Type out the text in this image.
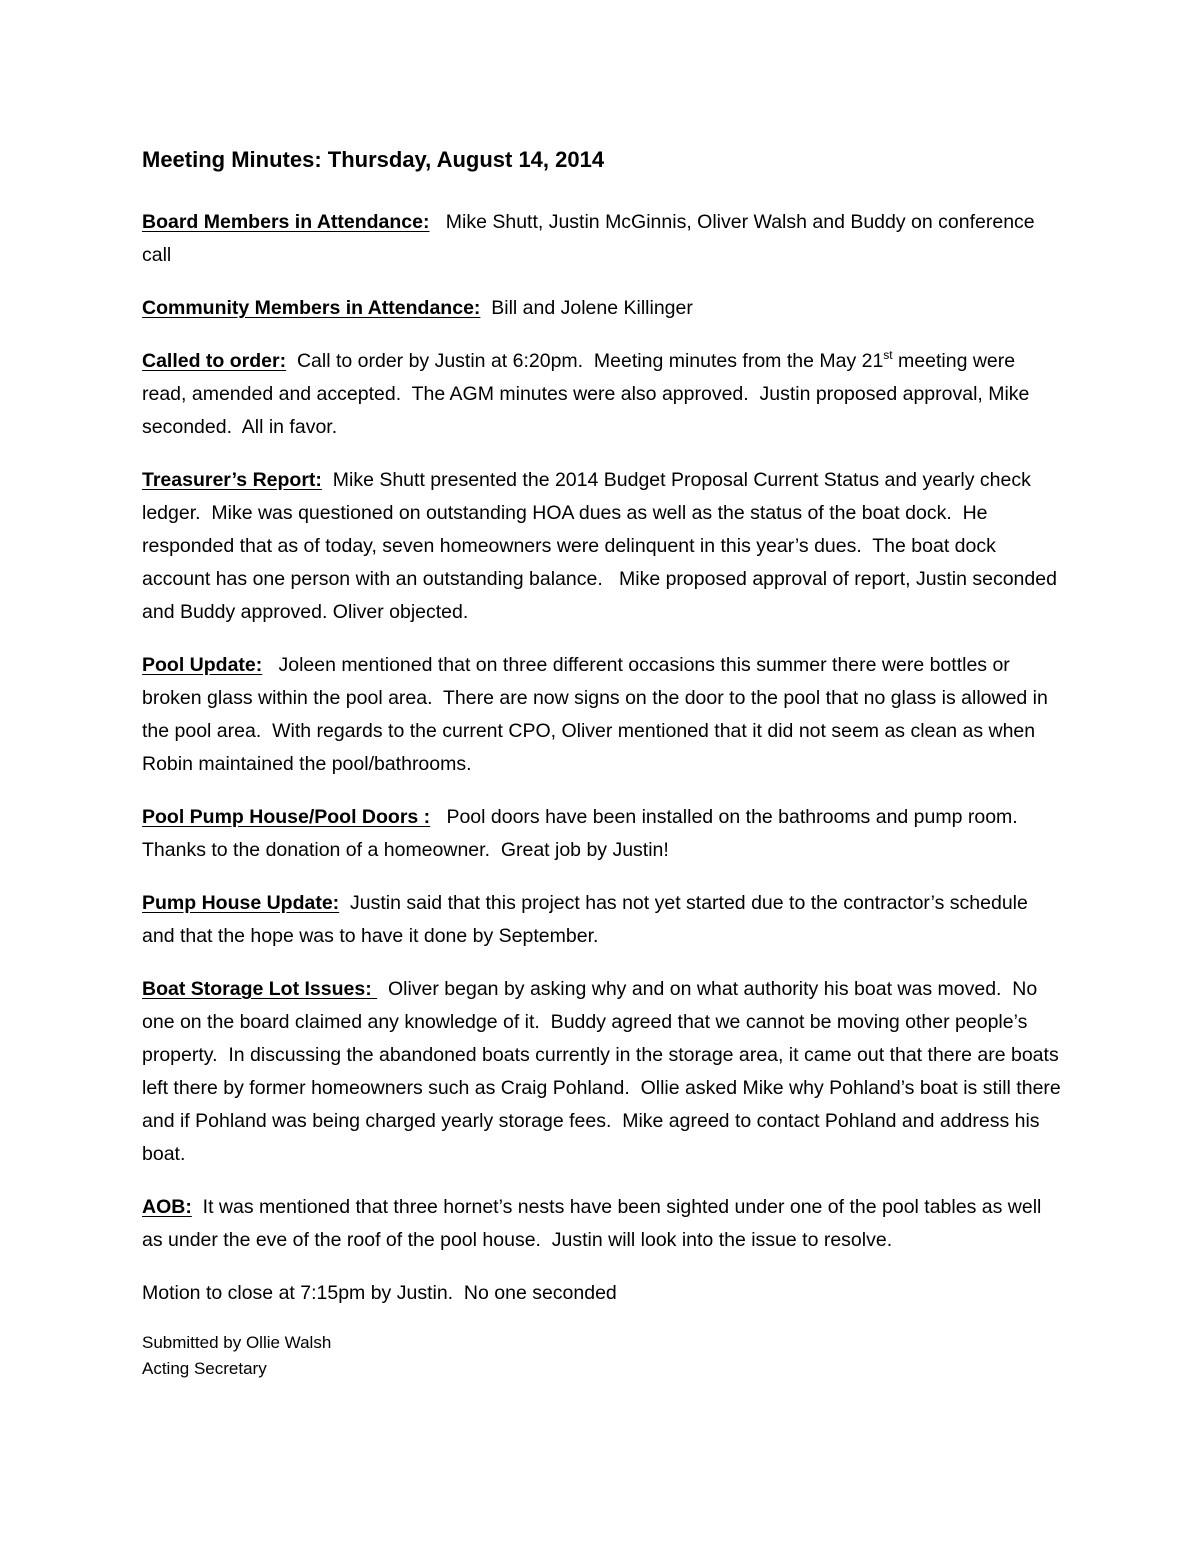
Meeting Minutes: Thursday, August 14, 2014

Board Members in Attendance:   Mike Shutt, Justin McGinnis, Oliver Walsh and Buddy on conference call

Community Members in Attendance:  Bill and Jolene Killinger

Called to order:  Call to order by Justin at 6:20pm.  Meeting minutes from the May 21st meeting were read, amended and accepted.  The AGM minutes were also approved.  Justin proposed approval, Mike seconded.  All in favor.

Treasurer’s Report:  Mike Shutt presented the 2014 Budget Proposal Current Status and yearly check ledger.  Mike was questioned on outstanding HOA dues as well as the status of the boat dock.  He responded that as of today, seven homeowners were delinquent in this year’s dues.  The boat dock account has one person with an outstanding balance.   Mike proposed approval of report, Justin seconded and Buddy approved. Oliver objected.

Pool Update:   Joleen mentioned that on three different occasions this summer there were bottles or broken glass within the pool area.  There are now signs on the door to the pool that no glass is allowed in the pool area.  With regards to the current CPO, Oliver mentioned that it did not seem as clean as when Robin maintained the pool/bathrooms.

Pool Pump House/Pool Doors :   Pool doors have been installed on the bathrooms and pump room.  Thanks to the donation of a homeowner.  Great job by Justin!

Pump House Update:  Justin said that this project has not yet started due to the contractor’s schedule and that the hope was to have it done by September.

Boat Storage Lot Issues:   Oliver began by asking why and on what authority his boat was moved.  No one on the board claimed any knowledge of it.  Buddy agreed that we cannot be moving other people’s property.  In discussing the abandoned boats currently in the storage area, it came out that there are boats left there by former homeowners such as Craig Pohland.  Ollie asked Mike why Pohland’s boat is still there and if Pohland was being charged yearly storage fees.  Mike agreed to contact Pohland and address his boat.

AOB:  It was mentioned that three hornet’s nests have been sighted under one of the pool tables as well as under the eve of the roof of the pool house.  Justin will look into the issue to resolve.

Motion to close at 7:15pm by Justin.  No one seconded

Submitted by Ollie Walsh

Acting Secretary
